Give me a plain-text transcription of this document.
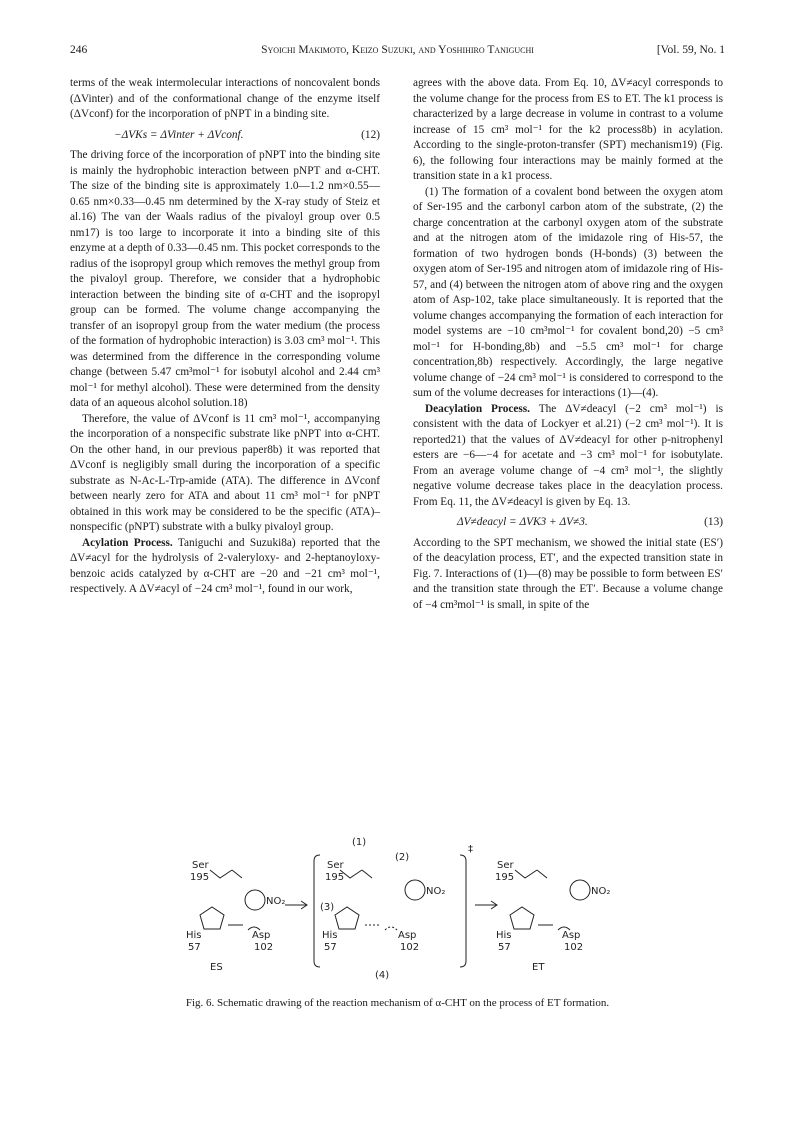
246	Syoichi Makimoto, Keizo Suzuki, and Yoshihiro Taniguchi	[Vol. 59, No. 1

terms of the weak intermolecular interactions of noncovalent bonds (ΔVinter) and of the conformational change of the enzyme itself (ΔVconf) for the incorporation of pNPT in a binding site.

−ΔVKs = ΔVinter + ΔVconf.	(12)

The driving force of the incorporation of pNPT into the binding site is mainly the hydrophobic interaction between pNPT and α-CHT. The size of the binding site is approximately 1.0—1.2 nm×0.55—0.65 nm×0.33—0.45 nm determined by the X-ray study of Steiz et al.16) The van der Waals radius of the pivaloyl group over 0.5 nm17) is too large to incorporate it into a binding site of this enzyme at a depth of 0.33—0.45 nm. This pocket corresponds to the radius of the isopropyl group which removes the methyl group from the pivaloyl group. Therefore, we consider that a hydrophobic interaction between the binding site of α-CHT and the isopropyl group can be formed. The volume change accompanying the transfer of an isopropyl group from the water medium (the process of the formation of hydrophobic interaction) is 3.03 cm³ mol⁻¹. This was determined from the difference in the corresponding volume change (between 5.47 cm³mol⁻¹ for isobutyl alcohol and 2.44 cm³ mol⁻¹ for methyl alcohol). These were determined from the density data of an aqueous alcohol solution.18)

Therefore, the value of ΔVconf is 11 cm³ mol⁻¹, accompanying the incorporation of a nonspecific substrate like pNPT into α-CHT. On the other hand, in our previous paper8b) it was reported that ΔVconf is negligibly small during the incorporation of a specific substrate as N-Ac-L-Trp-amide (ATA). The difference in ΔVconf between nearly zero for ATA and about 11 cm³ mol⁻¹ for pNPT obtained in this work may be considered to be the specific (ATA)–nonspecific (pNPT) substrate with a bulky pivaloyl group.

Acylation Process. Taniguchi and Suzuki8a) reported that the ΔV≠acyl for the hydrolysis of 2-valeryloxy- and 2-heptanoyloxy-benzoic acids catalyzed by α-CHT are −20 and −21 cm³ mol⁻¹, respectively. A ΔV≠acyl of −24 cm³ mol⁻¹, found in our work,

agrees with the above data. From Eq. 10, ΔV≠acyl corresponds to the volume change for the process from ES to ET. The k1 process is characterized by a large decrease in volume in contrast to a volume increase of 15 cm³ mol⁻¹ for the k2 process8b) in acylation. According to the single-proton-transfer (SPT) mechanism19) (Fig. 6), the following four interactions may be mainly formed at the transition state in a k1 process.

(1) The formation of a covalent bond between the oxygen atom of Ser-195 and the carbonyl carbon atom of the substrate, (2) the charge concentration at the carbonyl oxygen atom of the substrate and at the nitrogen atom of the imidazole ring of His-57, the formation of two hydrogen bonds (H-bonds) (3) between the oxygen atom of Ser-195 and nitrogen atom of imidazole ring of His-57, and (4) between the nitrogen atom of above ring and the oxygen atom of Asp-102, take place simultaneously. It is reported that the volume changes accompanying the formation of each interaction for model systems are −10 cm³mol⁻¹ for covalent bond,20) −5 cm³ mol⁻¹ for H-bonding,8b) and −5.5 cm³ mol⁻¹ for charge concentration,8b) respectively. Accordingly, the large negative volume change of −24 cm³ mol⁻¹ is considered to correspond to the sum of the volume decreases for interactions (1)—(4).

Deacylation Process. The ΔV≠deacyl (−2 cm³ mol⁻¹) is consistent with the data of Lockyer et al.21) (−2 cm³ mol⁻¹). It is reported21) that the values of ΔV≠deacyl for other p-nitrophenyl esters are −6—−4 for acetate and −3 cm³ mol⁻¹ for isobutylate. From an average volume change of −4 cm³ mol⁻¹, the slightly negative volume decrease takes place in the deacylation process. From Eq. 11, the ΔV≠deacyl is given by Eq. 13.

ΔV≠deacyl = ΔVK3 + ΔV≠3.	(13)

According to the SPT mechanism, we showed the initial state (ES′) of the deacylation process, ET′, and the expected transition state in Fig. 7. Interactions of (1)—(8) may be possible to form between ES′ and the transition state through the ET′. Because a volume change of −4 cm³mol⁻¹ is small, in spite of the

Ser
195
NO₂
His
57
Asp
102
ES
(1)
(2)
(3)
(4)
‡
Ser
195
NO₂
His
57
Asp
102
Ser
195
NO₂
His
57
Asp
102
ET
Fig. 6. Schematic drawing of the reaction mechanism of α-CHT on the process of ET formation.
